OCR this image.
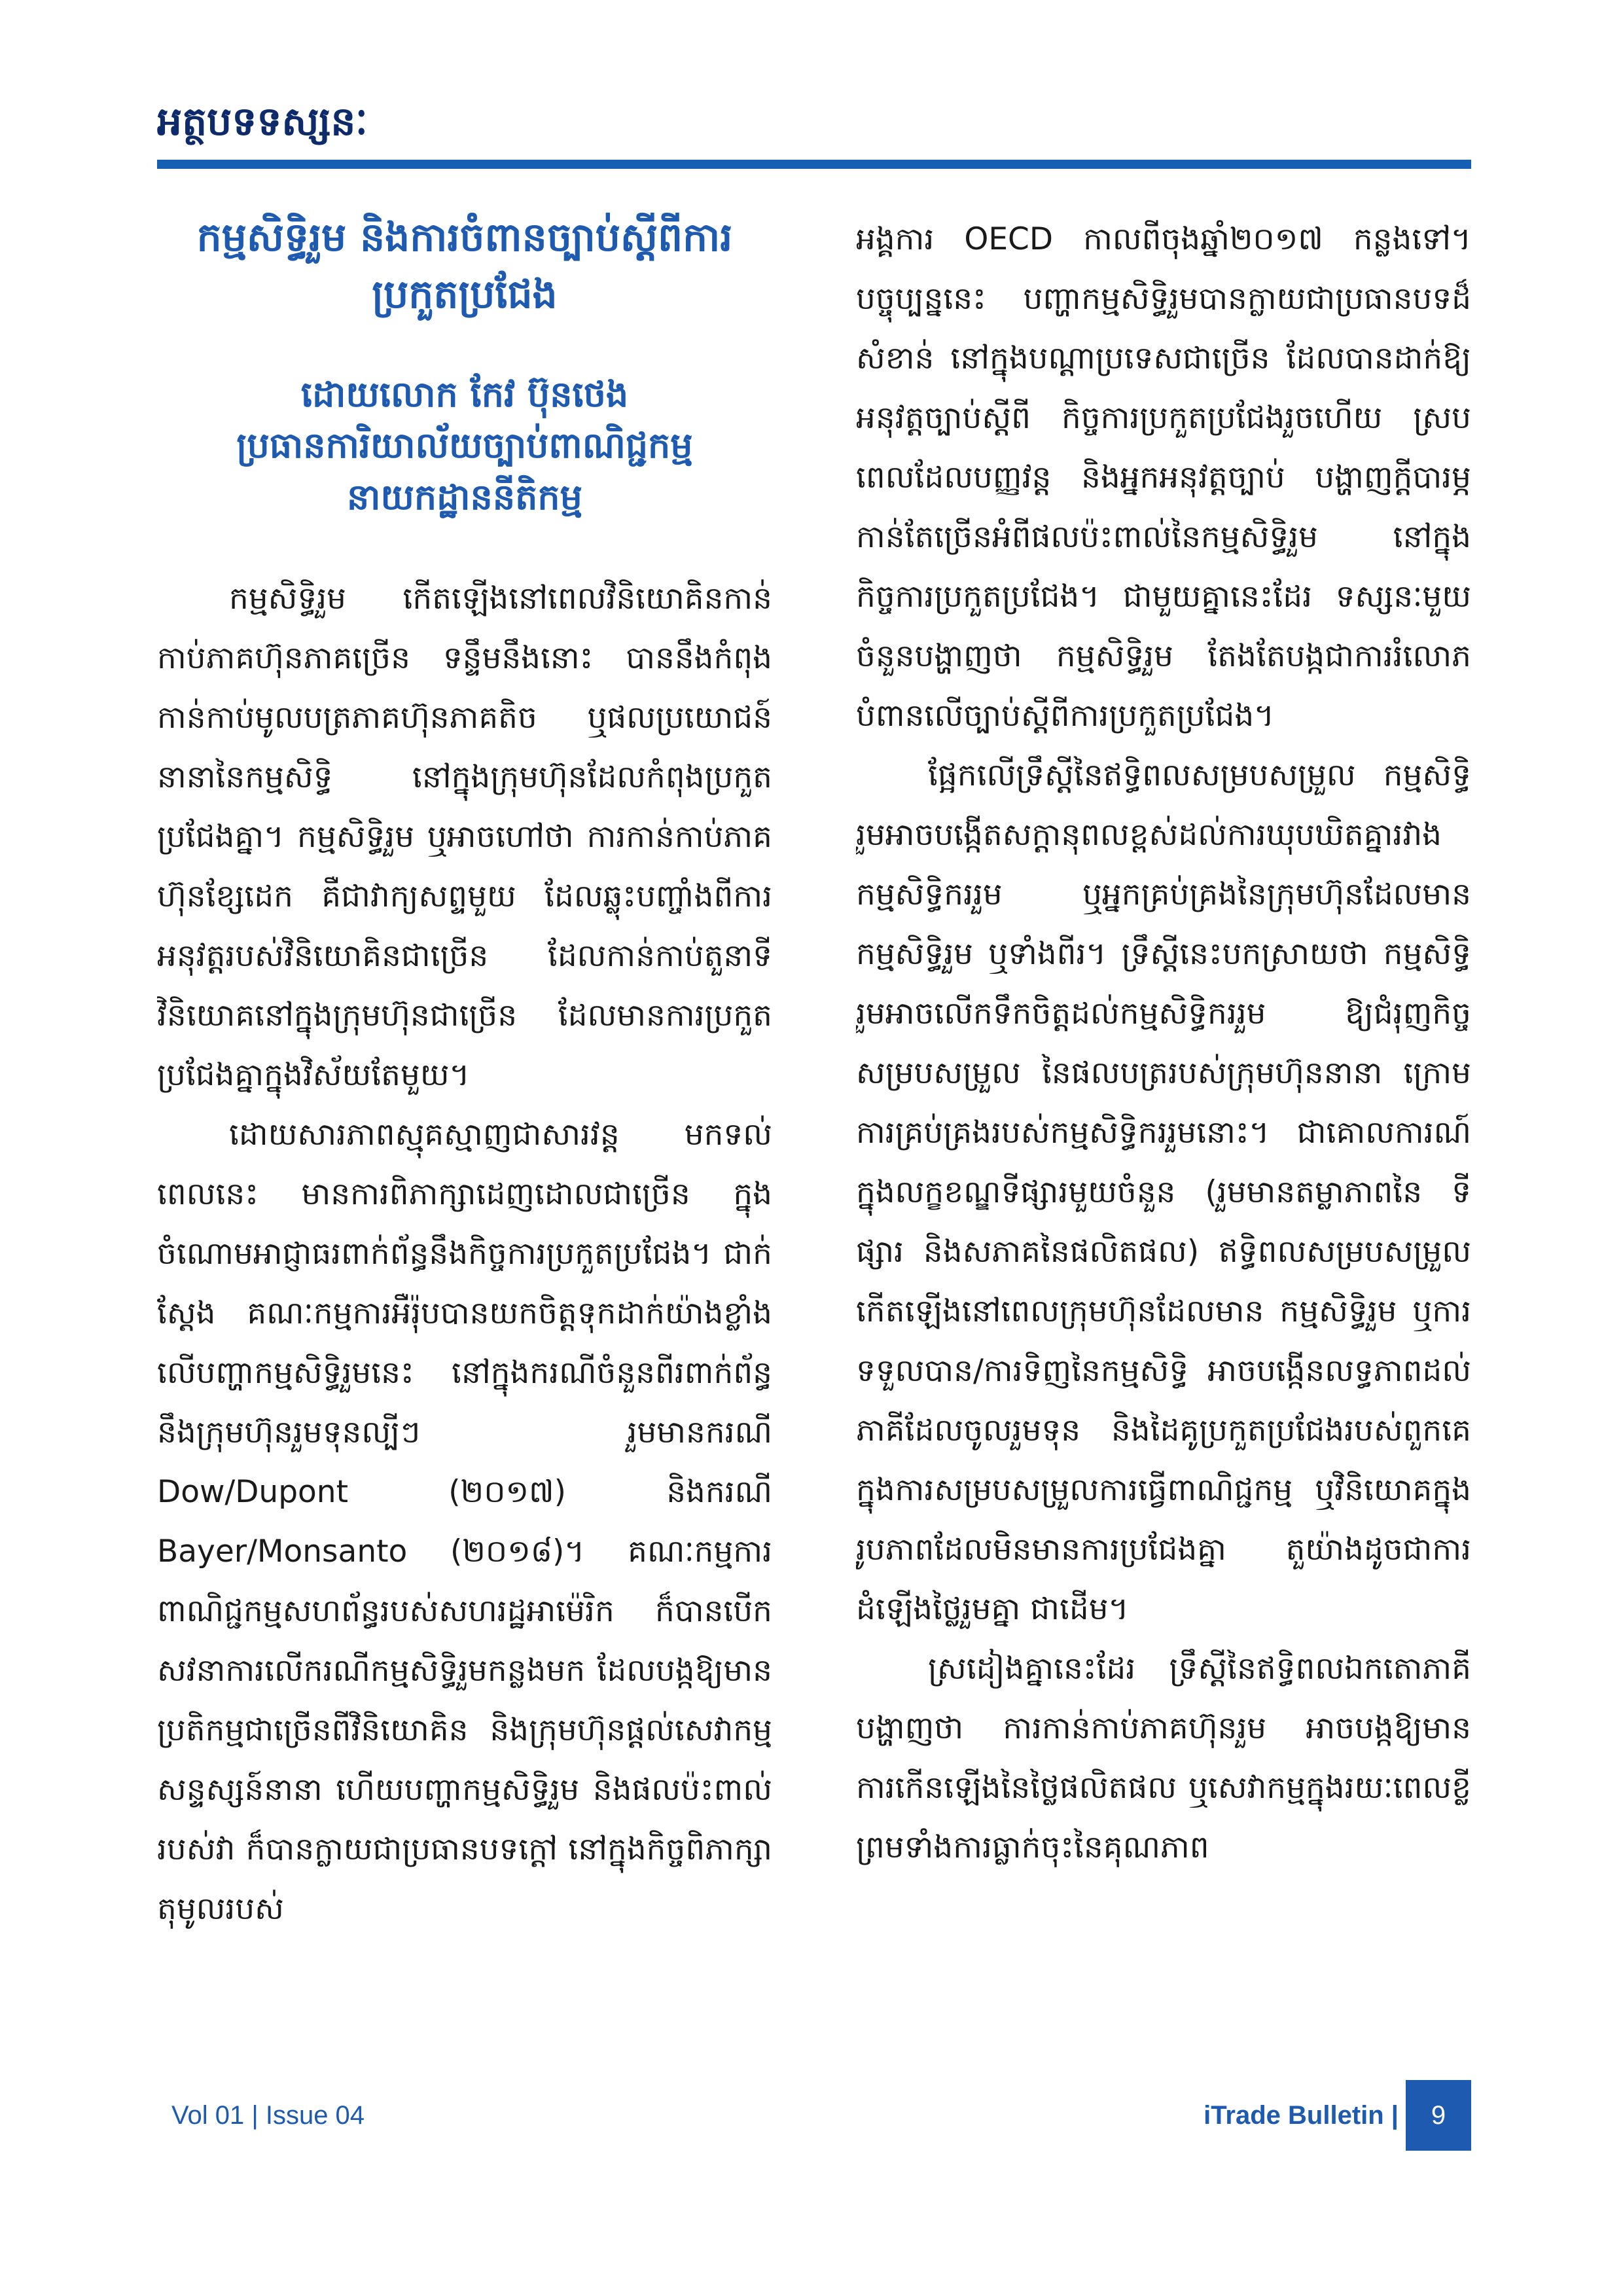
អត្ថបទទស្សនៈ
កម្មសិទ្ធិរួម និងការចំពានច្បាប់ស្ដីពីការប្រកួតប្រជែង
ដោយលោក កែវ ប៊ុនថេង
ប្រធានការិយាល័យច្បាប់ពាណិជ្ជកម្ម
នាយកដ្ឋាននីតិកម្ម

កម្មសិទ្ធិរួម កើតឡើងនៅពេលវិនិយោគិនកាន់កាប់ភាគហ៊ុនភាគច្រើន ទន្ទឹមនឹងនោះ បាននឹងកំពុងកាន់កាប់មូលបត្រភាគហ៊ុនភាគតិច ឬផលប្រយោជន៍នានានៃកម្មសិទ្ធិ នៅក្នុងក្រុមហ៊ុនដែលកំពុងប្រកួតប្រជែងគ្នា។ កម្មសិទ្ធិរួម ឬអាចហៅថា ការកាន់កាប់ភាគហ៊ុនខ្សែដេក គឺជាវាក្យសព្ទមួយ ដែលឆ្លុះបញ្ចាំងពីការអនុវត្តរបស់វិនិយោគិនជាច្រើន ដែលកាន់កាប់តួនាទីវិនិយោគនៅក្នុងក្រុមហ៊ុនជាច្រើន ដែលមានការប្រកួតប្រជែងគ្នាក្នុងវិស័យតែមួយ។

ដោយសារភាពស្មុគស្មាញជាសារវន្ត មកទល់ពេលនេះ មានការពិភាក្សាដេញដោលជាច្រើន ក្នុងចំណោមអាជ្ញាធរពាក់ព័ន្ធនឹងកិច្ចការប្រកួតប្រជែង។ ជាក់ស្ដែង គណៈកម្មការអឺរ៉ុបបានយកចិត្តទុកដាក់យ៉ាងខ្លាំង លើបញ្ហាកម្មសិទ្ធិរួមនេះ នៅក្នុងករណីចំនួនពីរពាក់ព័ន្ធនឹងក្រុមហ៊ុនរួមទុនល្បីៗ រួមមានករណី Dow/Dupont (២០១៧) និងករណី Bayer/Monsanto (២០១៨)។ គណៈកម្មការពាណិជ្ជកម្មសហព័ន្ធរបស់សហរដ្ឋអាម៉េរិក ក៏បានបើកសវនាការលើករណីកម្មសិទ្ធិរួមកន្លងមក ដែលបង្កឱ្យមានប្រតិកម្មជាច្រើនពីវិនិយោគិន និងក្រុមហ៊ុនផ្ដល់សេវាកម្មសន្ទស្សន៍នានា ហើយបញ្ហាកម្មសិទ្ធិរួម និងផលប៉ះពាល់របស់វា ក៏បានក្លាយជាប្រធានបទក្ដៅ នៅក្នុងកិច្ចពិភាក្សាតុមូលរបស់

អង្គការ OECD កាលពីចុងឆ្នាំ២០១៧ កន្លងទៅ។ បច្ចុប្បន្ននេះ បញ្ហាកម្មសិទ្ធិរួមបានក្លាយជាប្រធានបទដ៏សំខាន់ នៅក្នុងបណ្ដាប្រទេសជាច្រើន ដែលបានដាក់ឱ្យអនុវត្តច្បាប់ស្ដីពី កិច្ចការប្រកួតប្រជែងរួចហើយ ស្របពេលដែលបញ្ញវន្ត និងអ្នកអនុវត្តច្បាប់ បង្ហាញក្ដីបារម្ភកាន់តែច្រើនអំពីផលប៉ះពាល់នៃកម្មសិទ្ធិរួម នៅក្នុងកិច្ចការប្រកួតប្រជែង។ ជាមួយគ្នានេះដែរ ទស្សនៈមួយចំនួនបង្ហាញថា កម្មសិទ្ធិរួម តែងតែបង្កជាការរំលោភបំពានលើច្បាប់ស្ដីពីការប្រកួតប្រជែង។

ផ្អែកលើទ្រឹស្ដីនៃឥទ្ធិពលសម្របសម្រួល កម្មសិទ្ធិរួមអាចបង្កើតសក្ដានុពលខ្ពស់ដល់ការឃុបឃិតគ្នារវាងកម្មសិទ្ធិកររួម ឬអ្នកគ្រប់គ្រងនៃក្រុមហ៊ុនដែលមានកម្មសិទ្ធិរួម ឬទាំងពីរ។ ទ្រឹស្ដីនេះបកស្រាយថា កម្មសិទ្ធិរួមអាចលើកទឹកចិត្តដល់កម្មសិទ្ធិកររួម ឱ្យជំរុញកិច្ចសម្របសម្រួល នៃផលបត្ររបស់ក្រុមហ៊ុននានា ក្រោមការគ្រប់គ្រងរបស់កម្មសិទ្ធិកររួមនោះ។ ជាគោលការណ៍ ក្នុងលក្ខខណ្ឌទីផ្សារមួយចំនួន (រួមមានតម្លាភាពនៃ ទីផ្សារ និងសភាគនៃផលិតផល) ឥទ្ធិពលសម្របសម្រួលកើតឡើងនៅពេលក្រុមហ៊ុនដែលមាន កម្មសិទ្ធិរួម ឬការទទួលបាន/ការទិញនៃកម្មសិទ្ធិ អាចបង្កើនលទ្ធភាពដល់ភាគីដែលចូលរួមទុន និងដៃគូប្រកួតប្រជែងរបស់ពួកគេ ក្នុងការសម្របសម្រួលការធ្វើពាណិជ្ជកម្ម ឬវិនិយោគក្នុងរូបភាពដែលមិនមានការប្រជែងគ្នា តួយ៉ាងដូចជាការដំឡើងថ្លៃរួមគ្នា ជាដើម។

ស្រដៀងគ្នានេះដែរ ទ្រឹស្ដីនៃឥទ្ធិពលឯកតោភាគី បង្ហាញថា ការកាន់កាប់ភាគហ៊ុនរួម អាចបង្កឱ្យមានការកើនឡើងនៃថ្លៃផលិតផល ឬសេវាកម្មក្នុងរយៈពេលខ្លី ព្រមទាំងការធ្លាក់ចុះនៃគុណភាព

Vol 01 | Issue 04	iTrade Bulletin |	9
